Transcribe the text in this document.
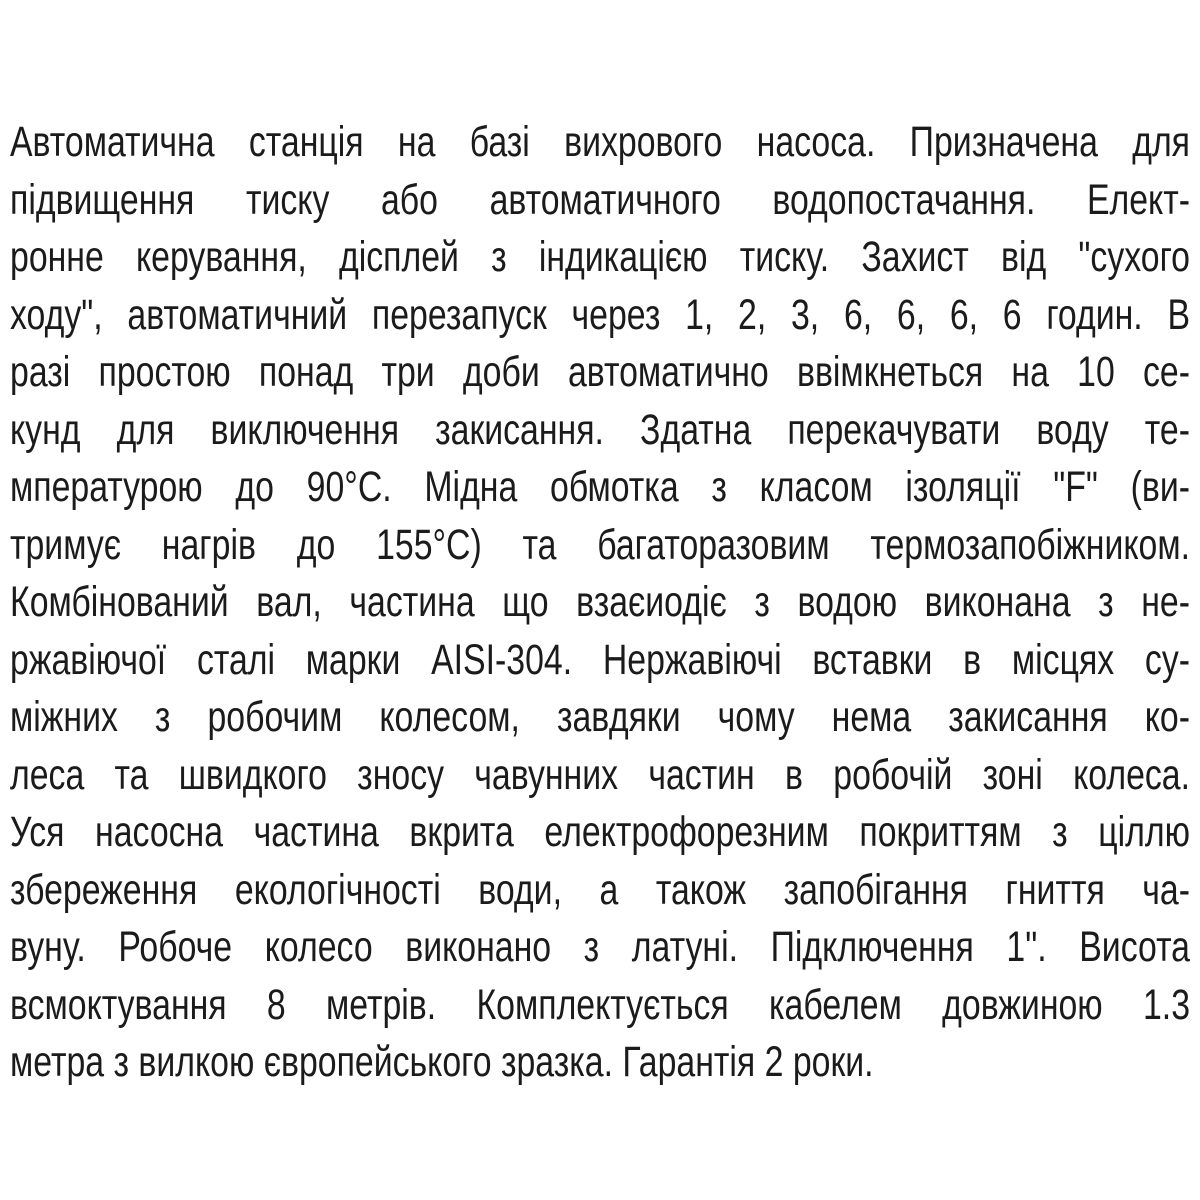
Автоматична станція на базі вихрового насоса. Призначена для
підвищення тиску або автоматичного водопостачання. Елект-
ронне керування, дісплей з індикацією тиску. Захист від "сухого
ходу", автоматичний перезапуск через 1, 2, 3, 6, 6, 6, 6 годин. В
разі простою понад три доби автоматично ввімкнеться на 10 се-
кунд для виключення закисання. Здатна перекачувати воду те-
мпературою до 90°С. Мідна обмотка з класом ізоляції "F" (ви-
тримує нагрів до 155°С) та багаторазовим термозапобіжником.
Комбінований вал, частина що взаєиодіє з водою виконана з не-
ржавіючої сталі марки AISI-304. Нержавіючі вставки в місцях су-
міжних з робочим колесом, завдяки чому нема закисання ко-
леса та швидкого зносу чавунних частин в робочій зоні колеса.
Уся насосна частина вкрита електрофорезним покриттям з ціллю
збереження екологічності води, а також запобігання гниття ча-
вуну. Робоче колесо виконано з латуні. Підключення 1". Висота
всмоктування 8 метрів. Комплектується кабелем довжиною 1.3
метра з вилкою європейського зразка. Гарантія 2 роки.
